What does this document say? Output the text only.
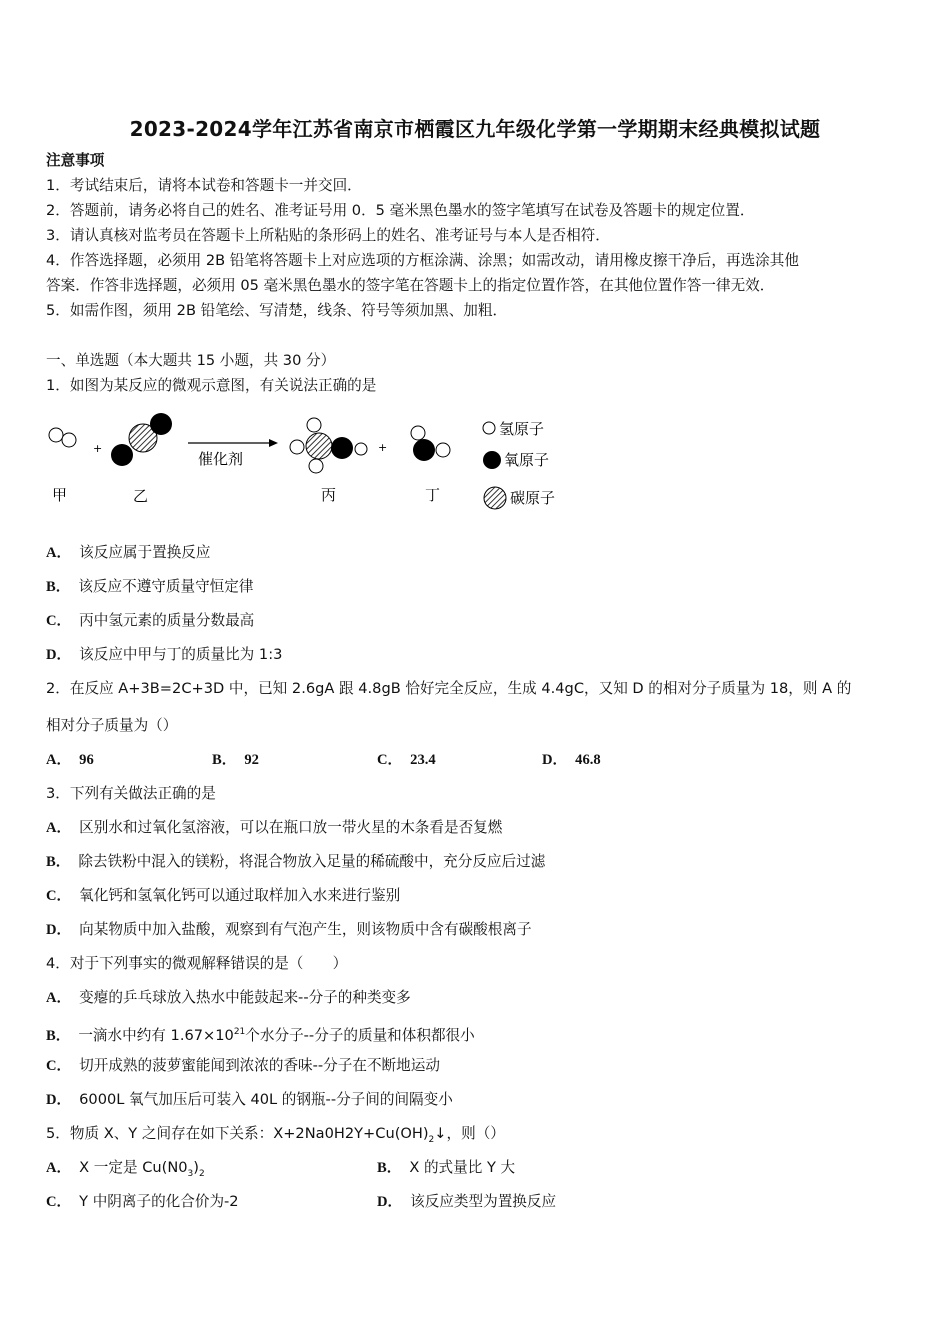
2023-2024学年江苏省南京市栖霞区九年级化学第一学期期末经典模拟试题
注意事项
1．考试结束后，请将本试卷和答题卡一并交回．
2．答题前，请务必将自己的姓名、准考证号用 0．5 毫米黑色墨水的签字笔填写在试卷及答题卡的规定位置．
3．请认真核对监考员在答题卡上所粘贴的条形码上的姓名、准考证号与本人是否相符．
4．作答选择题，必须用 2B 铅笔将答题卡上对应选项的方框涂满、涂黑；如需改动，请用橡皮擦干净后，再选涂其他
答案．作答非选择题，必须用 05 毫米黑色墨水的签字笔在答题卡上的指定位置作答，在其他位置作答一律无效．
5．如需作图，须用 2B 铅笔绘、写清楚，线条、符号等须加黑、加粗．
一、单选题（本大题共 15 小题，共 30 分）
1．如图为某反应的微观示意图，有关说法正确的是
+
催化剂
+
氢原子
氧原子
碳原子
甲	乙	丙	丁
A． 该反应属于置换反应
B． 该反应不遵守质量守恒定律
C． 丙中氢元素的质量分数最高
D． 该反应中甲与丁的质量比为 1:3
2．在反应 A+3B=2C+3D 中，已知 2.6gA 跟 4.8gB 恰好完全反应，生成 4.4gC，又知 D 的相对分子质量为 18，则 A 的
相对分子质量为（）
A． 96	B． 92	C． 23.4	D． 46.8
3．下列有关做法正确的是
A． 区别水和过氧化氢溶液，可以在瓶口放一带火星的木条看是否复燃
B． 除去铁粉中混入的镁粉，将混合物放入足量的稀硫酸中，充分反应后过滤
C． 氧化钙和氢氧化钙可以通过取样加入水来进行鉴别
D． 向某物质中加入盐酸，观察到有气泡产生，则该物质中含有碳酸根离子
4．对于下列事实的微观解释错误的是（　　）
A． 变瘪的乒乓球放入热水中能鼓起来--分子的种类变多
B． 一滴水中约有 $1.67\times 10^{21}$个水分子--分子的质量和体积都很小
C． 切开成熟的菠萝蜜能闻到浓浓的香味--分子在不断地运动
D． 6000L 氧气加压后可装入 40L 的钢瓶--分子间的间隔变小
5．物质 X、Y 之间存在如下关系：$X+2Na0H2Y+Cu(OH)_2↓$，则（）
A． X 一定是 $Cu(N0_3)_2$	B． X 的式量比 Y 大
C． Y 中阴离子的化合价为-2	D． 该反应类型为置换反应
